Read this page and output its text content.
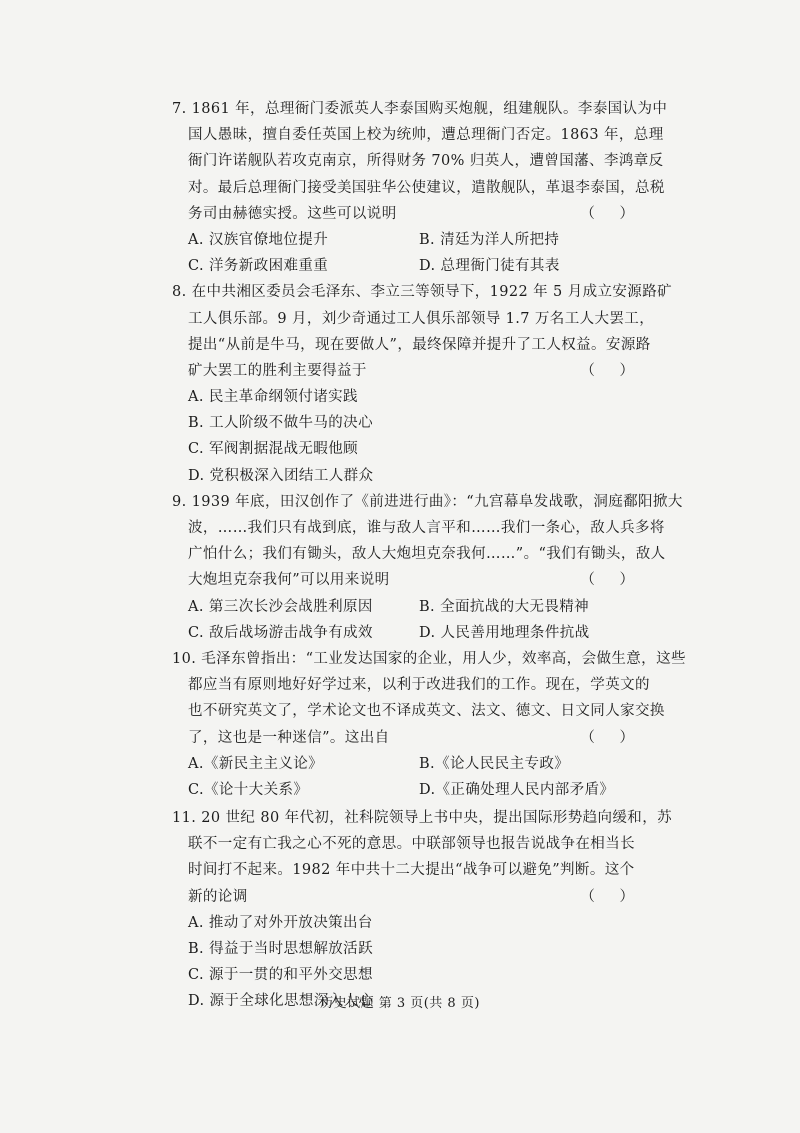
7. 1861 年，总理衙门委派英人李泰国购买炮舰，组建舰队。李泰国认为中
国人愚昧，擅自委任英国上校为统帅，遭总理衙门否定。1863 年，总理
衙门许诺舰队若攻克南京，所得财务 70% 归英人，遭曾国藩、李鸿章反
对。最后总理衙门接受美国驻华公使建议，遣散舰队，革退李泰国，总税
务司由赫德实授。这些可以说明	（ ）
A. 汉族官僚地位提升	B. 清廷为洋人所把持
C. 洋务新政困难重重	D. 总理衙门徒有其表
8. 在中共湘区委员会毛泽东、李立三等领导下，1922 年 5 月成立安源路矿
工人俱乐部。9 月，刘少奇通过工人俱乐部领导 1.7 万名工人大罢工，
提出“从前是牛马，现在要做人”，最终保障并提升了工人权益。安源路
矿大罢工的胜利主要得益于	（ ）
A. 民主革命纲领付诸实践
B. 工人阶级不做牛马的决心
C. 军阀割据混战无暇他顾
D. 党积极深入团结工人群众
9. 1939 年底，田汉创作了《前进进行曲》：“九宫幕阜发战歌，洞庭鄱阳掀大
波，……我们只有战到底，谁与敌人言平和……我们一条心，敌人兵多将
广怕什么；我们有锄头，敌人大炮坦克奈我何……”。“我们有锄头，敌人
大炮坦克奈我何”可以用来说明	（ ）
A. 第三次长沙会战胜利原因	B. 全面抗战的大无畏精神
C. 敌后战场游击战争有成效	D. 人民善用地理条件抗战
10. 毛泽东曾指出：“工业发达国家的企业，用人少，效率高，会做生意，这些
都应当有原则地好好学过来，以利于改进我们的工作。现在，学英文的
也不研究英文了，学术论文也不译成英文、法文、德文、日文同人家交换
了，这也是一种迷信”。这出自	（ ）
A.《新民主主义论》	B.《论人民民主专政》
C.《论十大关系》	D.《正确处理人民内部矛盾》
11. 20 世纪 80 年代初，社科院领导上书中央，提出国际形势趋向缓和，苏
联不一定有亡我之心不死的意思。中联部领导也报告说战争在相当长
时间打不起来。1982 年中共十二大提出“战争可以避免”判断。这个
新的论调	（ ）
A. 推动了对外开放决策出台
B. 得益于当时思想解放活跃
C. 源于一贯的和平外交思想
D. 源于全球化思想深入人心
历史试题 第 3 页(共 8 页)
